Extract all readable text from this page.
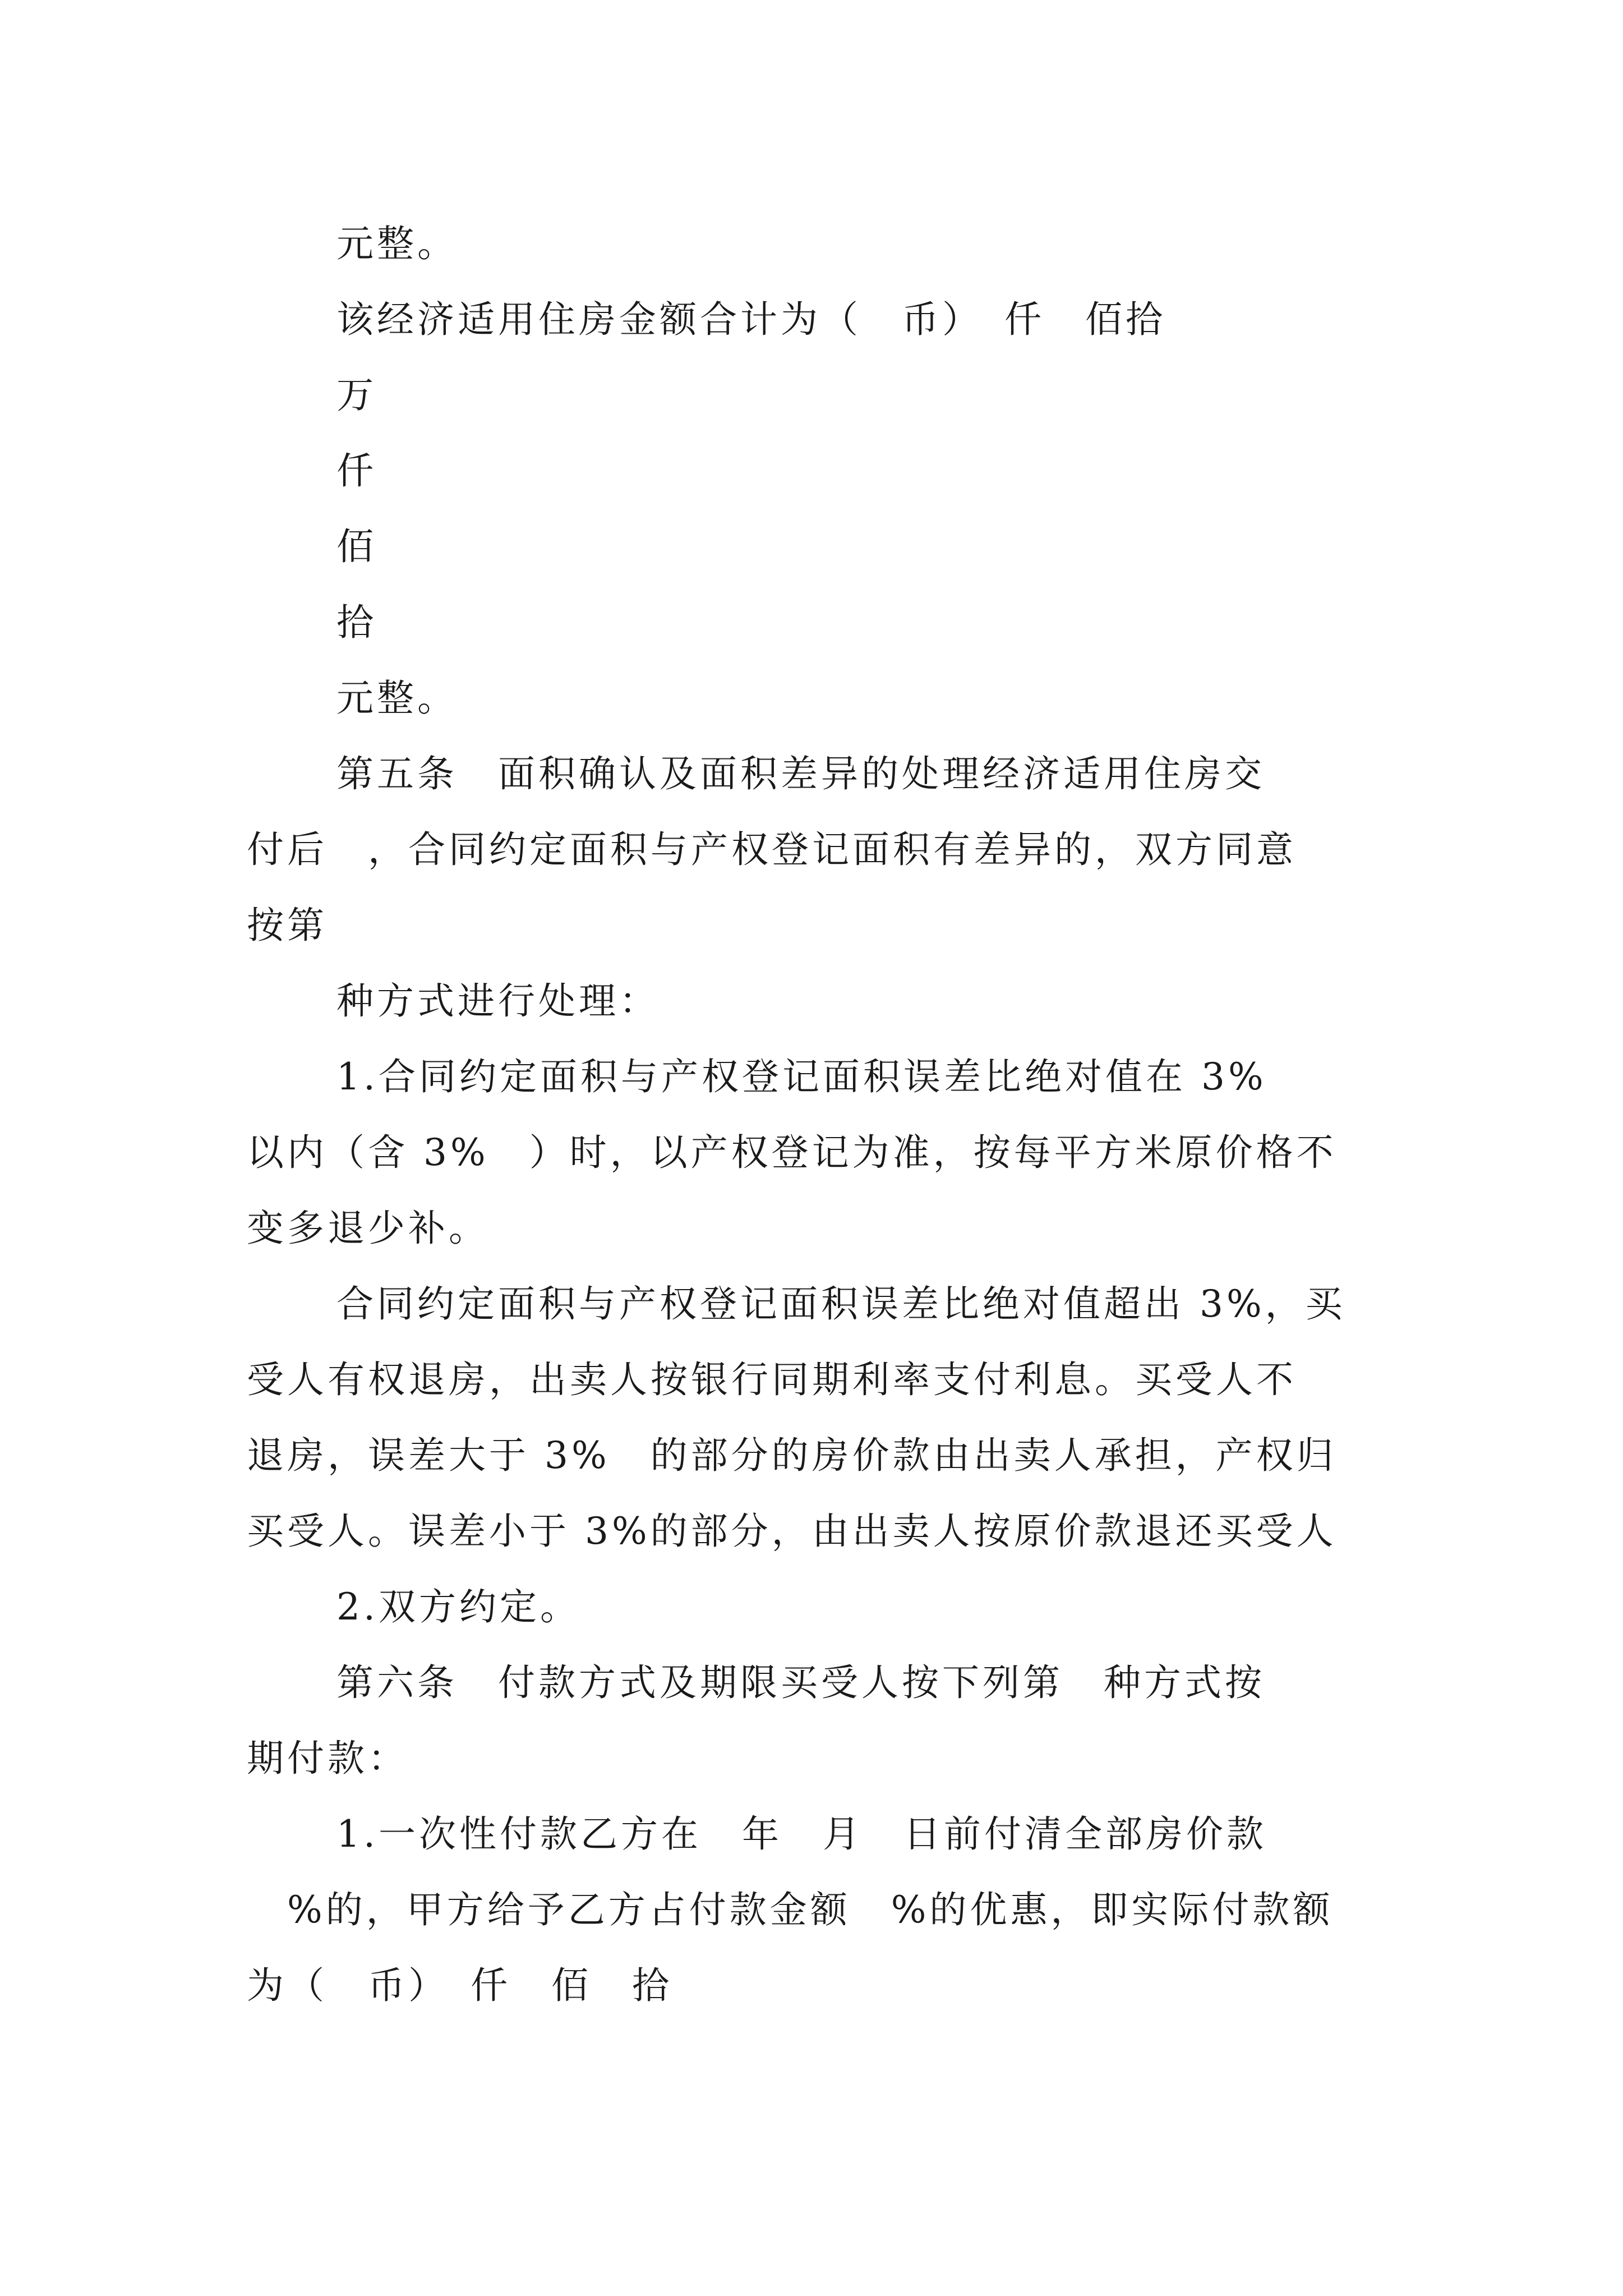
元整。
该经济适用住房金额合计为（　币）　仟　佰拾
万
仟
佰
拾
元整。
第五条　面积确认及面积差异的处理经济适用住房交
付后　，合同约定面积与产权登记面积有差异的，双方同意
按第
种方式进行处理：
1.合同约定面积与产权登记面积误差比绝对值在 3%
以内（含 3%　）时，以产权登记为准，按每平方米原价格不
变多退少补。
合同约定面积与产权登记面积误差比绝对值超出 3%，买
受人有权退房，出卖人按银行同期利率支付利息。买受人不
退房，误差大于 3%　的部分的房价款由出卖人承担，产权归
买受人。误差小于 3%的部分，由出卖人按原价款退还买受人
2.双方约定。
第六条　付款方式及期限买受人按下列第　种方式按
期付款：
1.一次性付款乙方在　年　月　日前付清全部房价款
　%的，甲方给予乙方占付款金额　%的优惠，即实际付款额
为（　币）　仟　佰　拾
